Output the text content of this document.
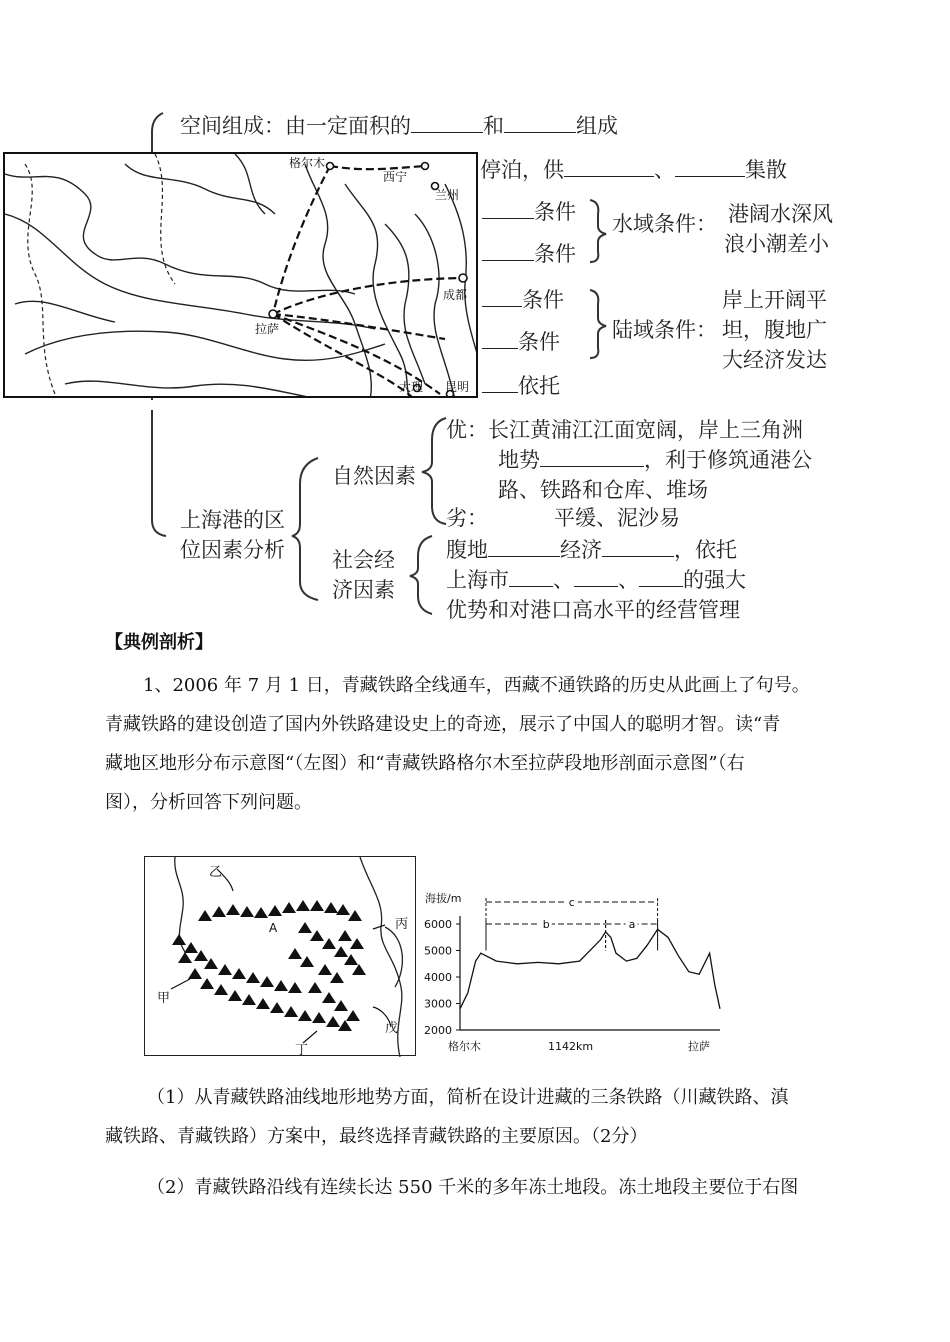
空间组成：由一定面积的	和	组成
停泊，供	、	集散
条件
条件
水域条件： 港阔水深风
浪小潮差小
条件
条件 陆域条件：
岸上开阔平
坦，腹地广
大经济发达
依托
自然因素
优：长江黄浦江江面宽阔，岸上三角洲
地势	，利于修筑通港公
路、铁路和仓库、堆场
劣：	平缓、泥沙易
上海港的区
位因素分析 社会经
济因素
腹地	经济	，依托
上海市 、 、 的强大
优势和对港口高水平的经营管理
格尔木
西宁
兰州
成都
拉萨
大理 昆明
【典例剖析】
1、2006 年 7 月 1 日，青藏铁路全线通车，西藏不通铁路的历史从此画上了句号。
青藏铁路的建设创造了国内外铁路建设史上的奇迹，展示了中国人的聪明才智。读“青
藏地区地形分布示意图“（左图）和“青藏铁路格尔木至拉萨段地形剖面示意图”（右
图），分析回答下列问题。
乙
A	丙
甲
戊
丁
海拔/m
6000
5000
4000
3000
2000
c
b	a
格尔木	1142km	拉萨
（1）从青藏铁路油线地形地势方面，简析在设计进藏的三条铁路（川藏铁路、滇
藏铁路、青藏铁路）方案中，最终选择青藏铁路的主要原因。（2分）
（2）青藏铁路沿线有连续长达 550 千米的多年冻土地段。冻土地段主要位于右图
